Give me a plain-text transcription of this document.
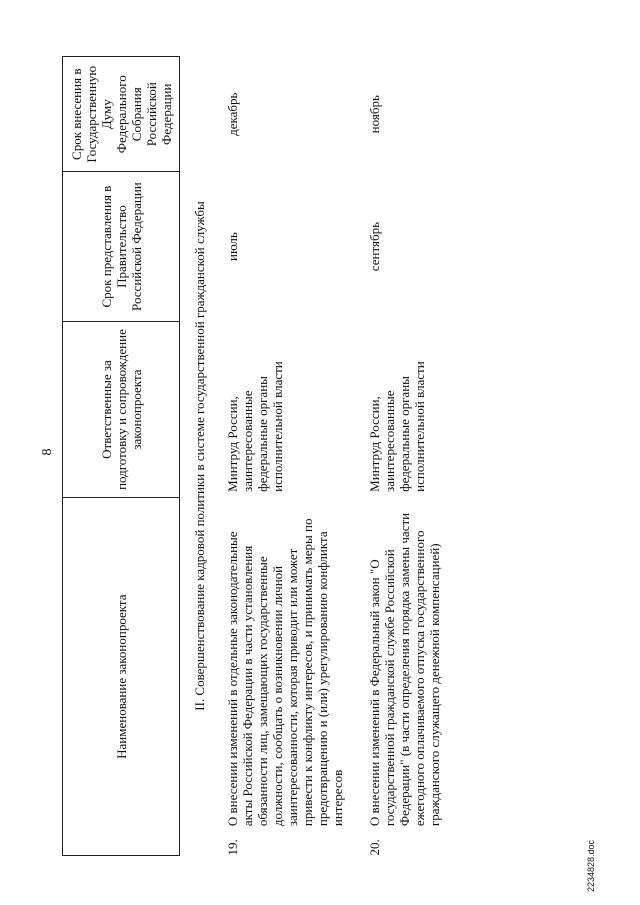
8
Наименование законопроекта		Ответственные за подготовку и сопровождение законопроекта	Срок представления в Правительство Российской Федерации	Срок внесения в Государственную Думу Федерального Собрания Российской Федерации
II. Совершенствование кадровой политики в системе государственной гражданской службы				
19.	О внесении изменений в отдельные законодательные акты Российской Федерации в части установления обязанности лиц, замещающих государственные должности, сообщать о возникновении личной заинтересованности, которая приводит или может привести к конфликту интересов, и принимать меры по предотвращению и (или) урегулированию конфликта интересов	Минтруд России, заинтересованные федеральные органы исполнительной власти	июль	декабрь
20.	О внесении изменений в Федеральный закон "О государственной гражданской службе Российской Федерации" (в части определения порядка замены части ежегодного оплачиваемого отпуска государственного гражданского служащего денежной компенсацией)	Минтруд России, заинтересованные федеральные органы исполнительной власти	сентябрь	ноябрь
2234828.doc
